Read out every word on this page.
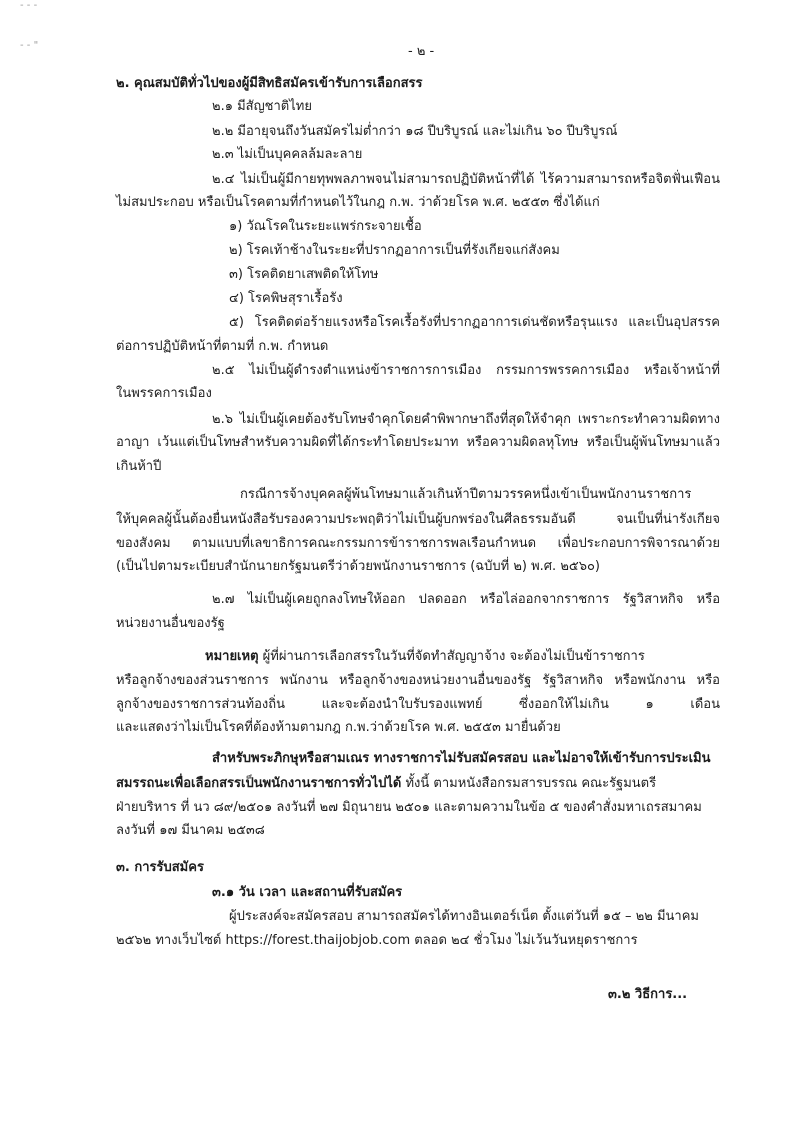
- - -
- - "	- ๒ -
๒. คุณสมบัติทั่วไปของผู้มีสิทธิสมัครเข้ารับการเลือกสรร
๒.๑ มีสัญชาติไทย
๒.๒ มีอายุจนถึงวันสมัครไม่ต่ำกว่า ๑๘ ปีบริบูรณ์ และไม่เกิน ๖๐ ปีบริบูรณ์
๒.๓ ไม่เป็นบุคคลล้มละลาย
๒.๔ ไม่เป็นผู้มีกายทุพพลภาพจนไม่สามารถปฏิบัติหน้าที่ได้ ไร้ความสามารถหรือจิตฟั่นเฟือน
ไม่สมประกอบ หรือเป็นโรคตามที่กำหนดไว้ในกฎ ก.พ. ว่าด้วยโรค พ.ศ. ๒๕๕๓ ซึ่งได้แก่
๑) วัณโรคในระยะแพร่กระจายเชื้อ
๒) โรคเท้าช้างในระยะที่ปรากฏอาการเป็นที่รังเกียจแก่สังคม
๓) โรคติดยาเสพติดให้โทษ
๔) โรคพิษสุราเรื้อรัง
๕) โรคติดต่อร้ายแรงหรือโรคเรื้อรังที่ปรากฏอาการเด่นชัดหรือรุนแรง และเป็นอุปสรรค
ต่อการปฏิบัติหน้าที่ตามที่ ก.พ. กำหนด
๒.๕ ไม่เป็นผู้ดำรงตำแหน่งข้าราชการการเมือง กรรมการพรรคการเมือง หรือเจ้าหน้าที่
ในพรรคการเมือง
๒.๖ ไม่เป็นผู้เคยต้องรับโทษจำคุกโดยคำพิพากษาถึงที่สุดให้จำคุก เพราะกระทำความผิดทาง
อาญา เว้นแต่เป็นโทษสำหรับความผิดที่ได้กระทำโดยประมาท หรือความผิดลหุโทษ หรือเป็นผู้พ้นโทษมาแล้ว
เกินห้าปี
กรณีการจ้างบุคคลผู้พ้นโทษมาแล้วเกินห้าปีตามวรรคหนึ่งเข้าเป็นพนักงานราชการ
ให้บุคคลผู้นั้นต้องยื่นหนังสือรับรองความประพฤติว่าไม่เป็นผู้บกพร่องในศีลธรรมอันดี จนเป็นที่น่ารังเกียจ
ของสังคม ตามแบบที่เลขาธิการคณะกรรมการข้าราชการพลเรือนกำหนด เพื่อประกอบการพิจารณาด้วย
(เป็นไปตามระเบียบสำนักนายกรัฐมนตรีว่าด้วยพนักงานราชการ (ฉบับที่ ๒) พ.ศ. ๒๕๖๐)
๒.๗ ไม่เป็นผู้เคยถูกลงโทษให้ออก ปลดออก หรือไล่ออกจากราชการ รัฐวิสาหกิจ หรือ
หน่วยงานอื่นของรัฐ
หมายเหตุ ผู้ที่ผ่านการเลือกสรรในวันที่จัดทำสัญญาจ้าง จะต้องไม่เป็นข้าราชการ
หรือลูกจ้างของส่วนราชการ พนักงาน หรือลูกจ้างของหน่วยงานอื่นของรัฐ รัฐวิสาหกิจ หรือพนักงาน หรือ
ลูกจ้างของราชการส่วนท้องถิ่น และจะต้องนำใบรับรองแพทย์ ซึ่งออกให้ไม่เกิน ๑ เดือน
และแสดงว่าไม่เป็นโรคที่ต้องห้ามตามกฎ ก.พ.ว่าด้วยโรค พ.ศ. ๒๕๕๓ มายื่นด้วย
สำหรับพระภิกษุหรือสามเณร ทางราชการไม่รับสมัครสอบ และไม่อาจให้เข้ารับการประเมิน
สมรรถนะเพื่อเลือกสรรเป็นพนักงานราชการทั่วไปได้ ทั้งนี้ ตามหนังสือกรมสารบรรณ คณะรัฐมนตรี
ฝ่ายบริหาร ที่ นว ๘๙/๒๕๐๑ ลงวันที่ ๒๗ มิถุนายน ๒๕๐๑ และตามความในข้อ ๕ ของคำสั่งมหาเถรสมาคม
ลงวันที่ ๑๗ มีนาคม ๒๕๓๘
๓. การรับสมัคร
๓.๑ วัน เวลา และสถานที่รับสมัคร
ผู้ประสงค์จะสมัครสอบ สามารถสมัครได้ทางอินเตอร์เน็ต ตั้งแต่วันที่ ๑๕ – ๒๒ มีนาคม
๒๕๖๒ ทางเว็บไซต์ https://forest.thaijobjob.com ตลอด ๒๔ ชั่วโมง ไม่เว้นวันหยุดราชการ
๓.๒ วิธีการ...
